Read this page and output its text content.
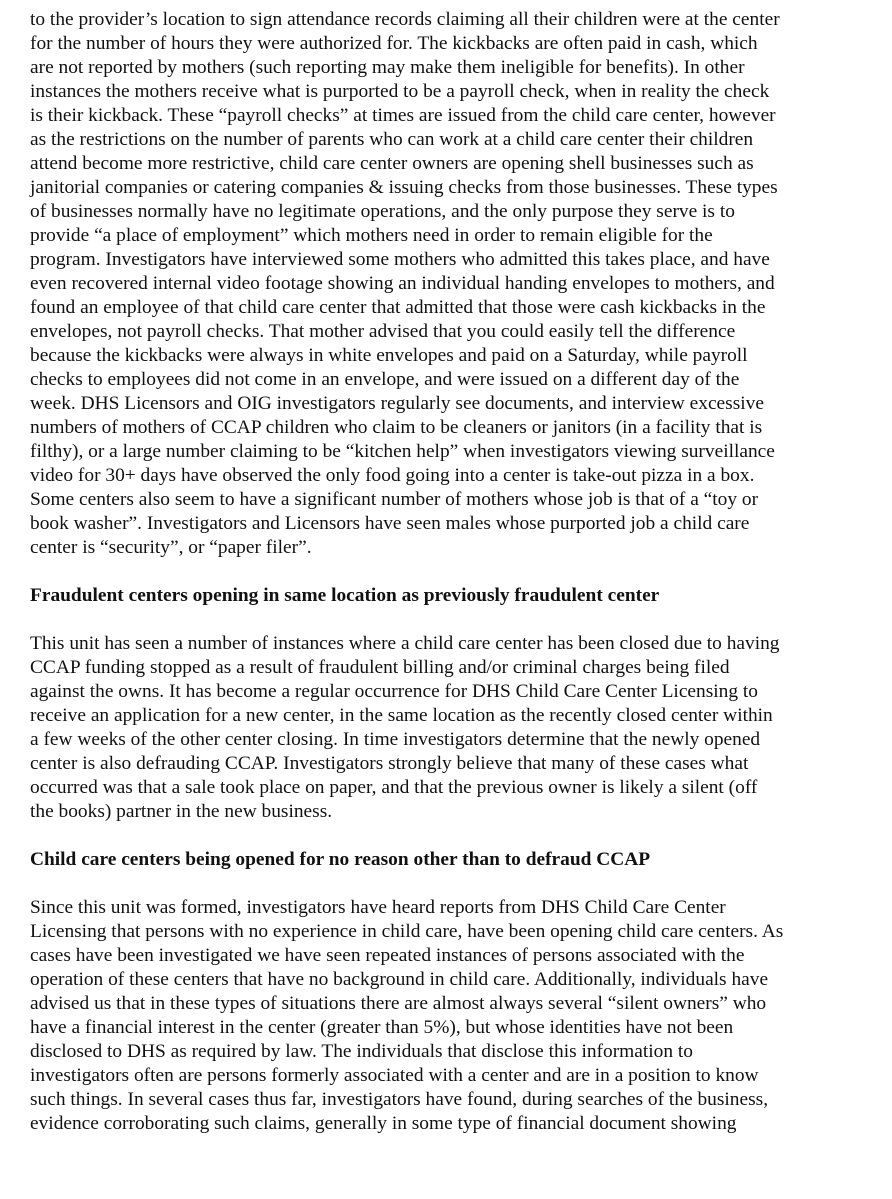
to the provider’s location to sign attendance records claiming all their children were at the center
for the number of hours they were authorized for. The kickbacks are often paid in cash, which
are not reported by mothers (such reporting may make them ineligible for benefits). In other
instances the mothers receive what is purported to be a payroll check, when in reality the check
is their kickback. These “payroll checks” at times are issued from the child care center, however
as the restrictions on the number of parents who can work at a child care center their children
attend become more restrictive, child care center owners are opening shell businesses such as
janitorial companies or catering companies & issuing checks from those businesses. These types
of businesses normally have no legitimate operations, and the only purpose they serve is to
provide “a place of employment” which mothers need in order to remain eligible for the
program. Investigators have interviewed some mothers who admitted this takes place, and have
even recovered internal video footage showing an individual handing envelopes to mothers, and
found an employee of that child care center that admitted that those were cash kickbacks in the
envelopes, not payroll checks. That mother advised that you could easily tell the difference
because the kickbacks were always in white envelopes and paid on a Saturday, while payroll
checks to employees did not come in an envelope, and were issued on a different day of the
week. DHS Licensors and OIG investigators regularly see documents, and interview excessive
numbers of mothers of CCAP children who claim to be cleaners or janitors (in a facility that is
filthy), or a large number claiming to be “kitchen help” when investigators viewing surveillance
video for 30+ days have observed the only food going into a center is take-out pizza in a box.
Some centers also seem to have a significant number of mothers whose job is that of a “toy or
book washer”. Investigators and Licensors have seen males whose purported job a child care
center is “security”, or “paper filer”.
Fraudulent centers opening in same location as previously fraudulent center
This unit has seen a number of instances where a child care center has been closed due to having
CCAP funding stopped as a result of fraudulent billing and/or criminal charges being filed
against the owns. It has become a regular occurrence for DHS Child Care Center Licensing to
receive an application for a new center, in the same location as the recently closed center within
a few weeks of the other center closing. In time investigators determine that the newly opened
center is also defrauding CCAP. Investigators strongly believe that many of these cases what
occurred was that a sale took place on paper, and that the previous owner is likely a silent (off
the books) partner in the new business.
Child care centers being opened for no reason other than to defraud CCAP
Since this unit was formed, investigators have heard reports from DHS Child Care Center
Licensing that persons with no experience in child care, have been opening child care centers. As
cases have been investigated we have seen repeated instances of persons associated with the
operation of these centers that have no background in child care. Additionally, individuals have
advised us that in these types of situations there are almost always several “silent owners” who
have a financial interest in the center (greater than 5%), but whose identities have not been
disclosed to DHS as required by law. The individuals that disclose this information to
investigators often are persons formerly associated with a center and are in a position to know
such things. In several cases thus far, investigators have found, during searches of the business,
evidence corroborating such claims, generally in some type of financial document showing
